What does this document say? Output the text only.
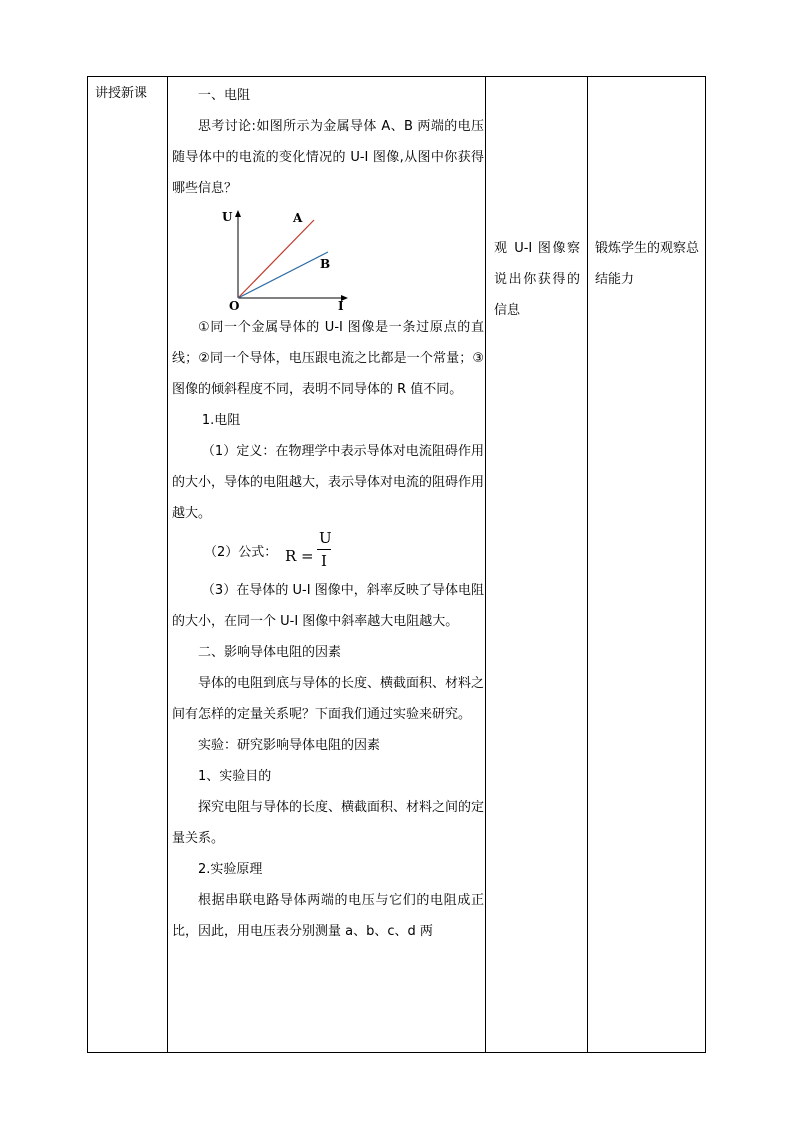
讲授新课	一、电阻

思考讨论:如图所示为金属导体 A、B 两端的电压随导体中的电流的变化情况的 U-I 图像,从图中你获得哪些信息？

U
I
O
A
B

①同一个金属导体的 U-I 图像是一条过原点的直线；②同一个导体，电压跟电流之比都是一个常量；③图像的倾斜程度不同，表明不同导体的 R 值不同。

1.电阻

（1）定义：在物理学中表示导体对电流阻碍作用的大小，导体的电阻越大，表示导体对电流的阻碍作用越大。

（2）公式： R =
U
I

（3）在导体的 U-I 图像中，斜率反映了导体电阻的大小，在同一个 U-I 图像中斜率越大电阻越大。

二、影响导体电阻的因素

导体的电阻到底与导体的长度、横截面积、材料之间有怎样的定量关系呢？下面我们通过实验来研究。

实验：研究影响导体电阻的因素

1、实验目的

探究电阻与导体的长度、横截面积、材料之间的定量关系。

2.实验原理

根据串联电路导体两端的电压与它们的电阻成正比，因此，用电压表分别测量 a、b、c、d 两

观 U-I 图像察说出你获得的信息
锻炼学生的观察总结能力
